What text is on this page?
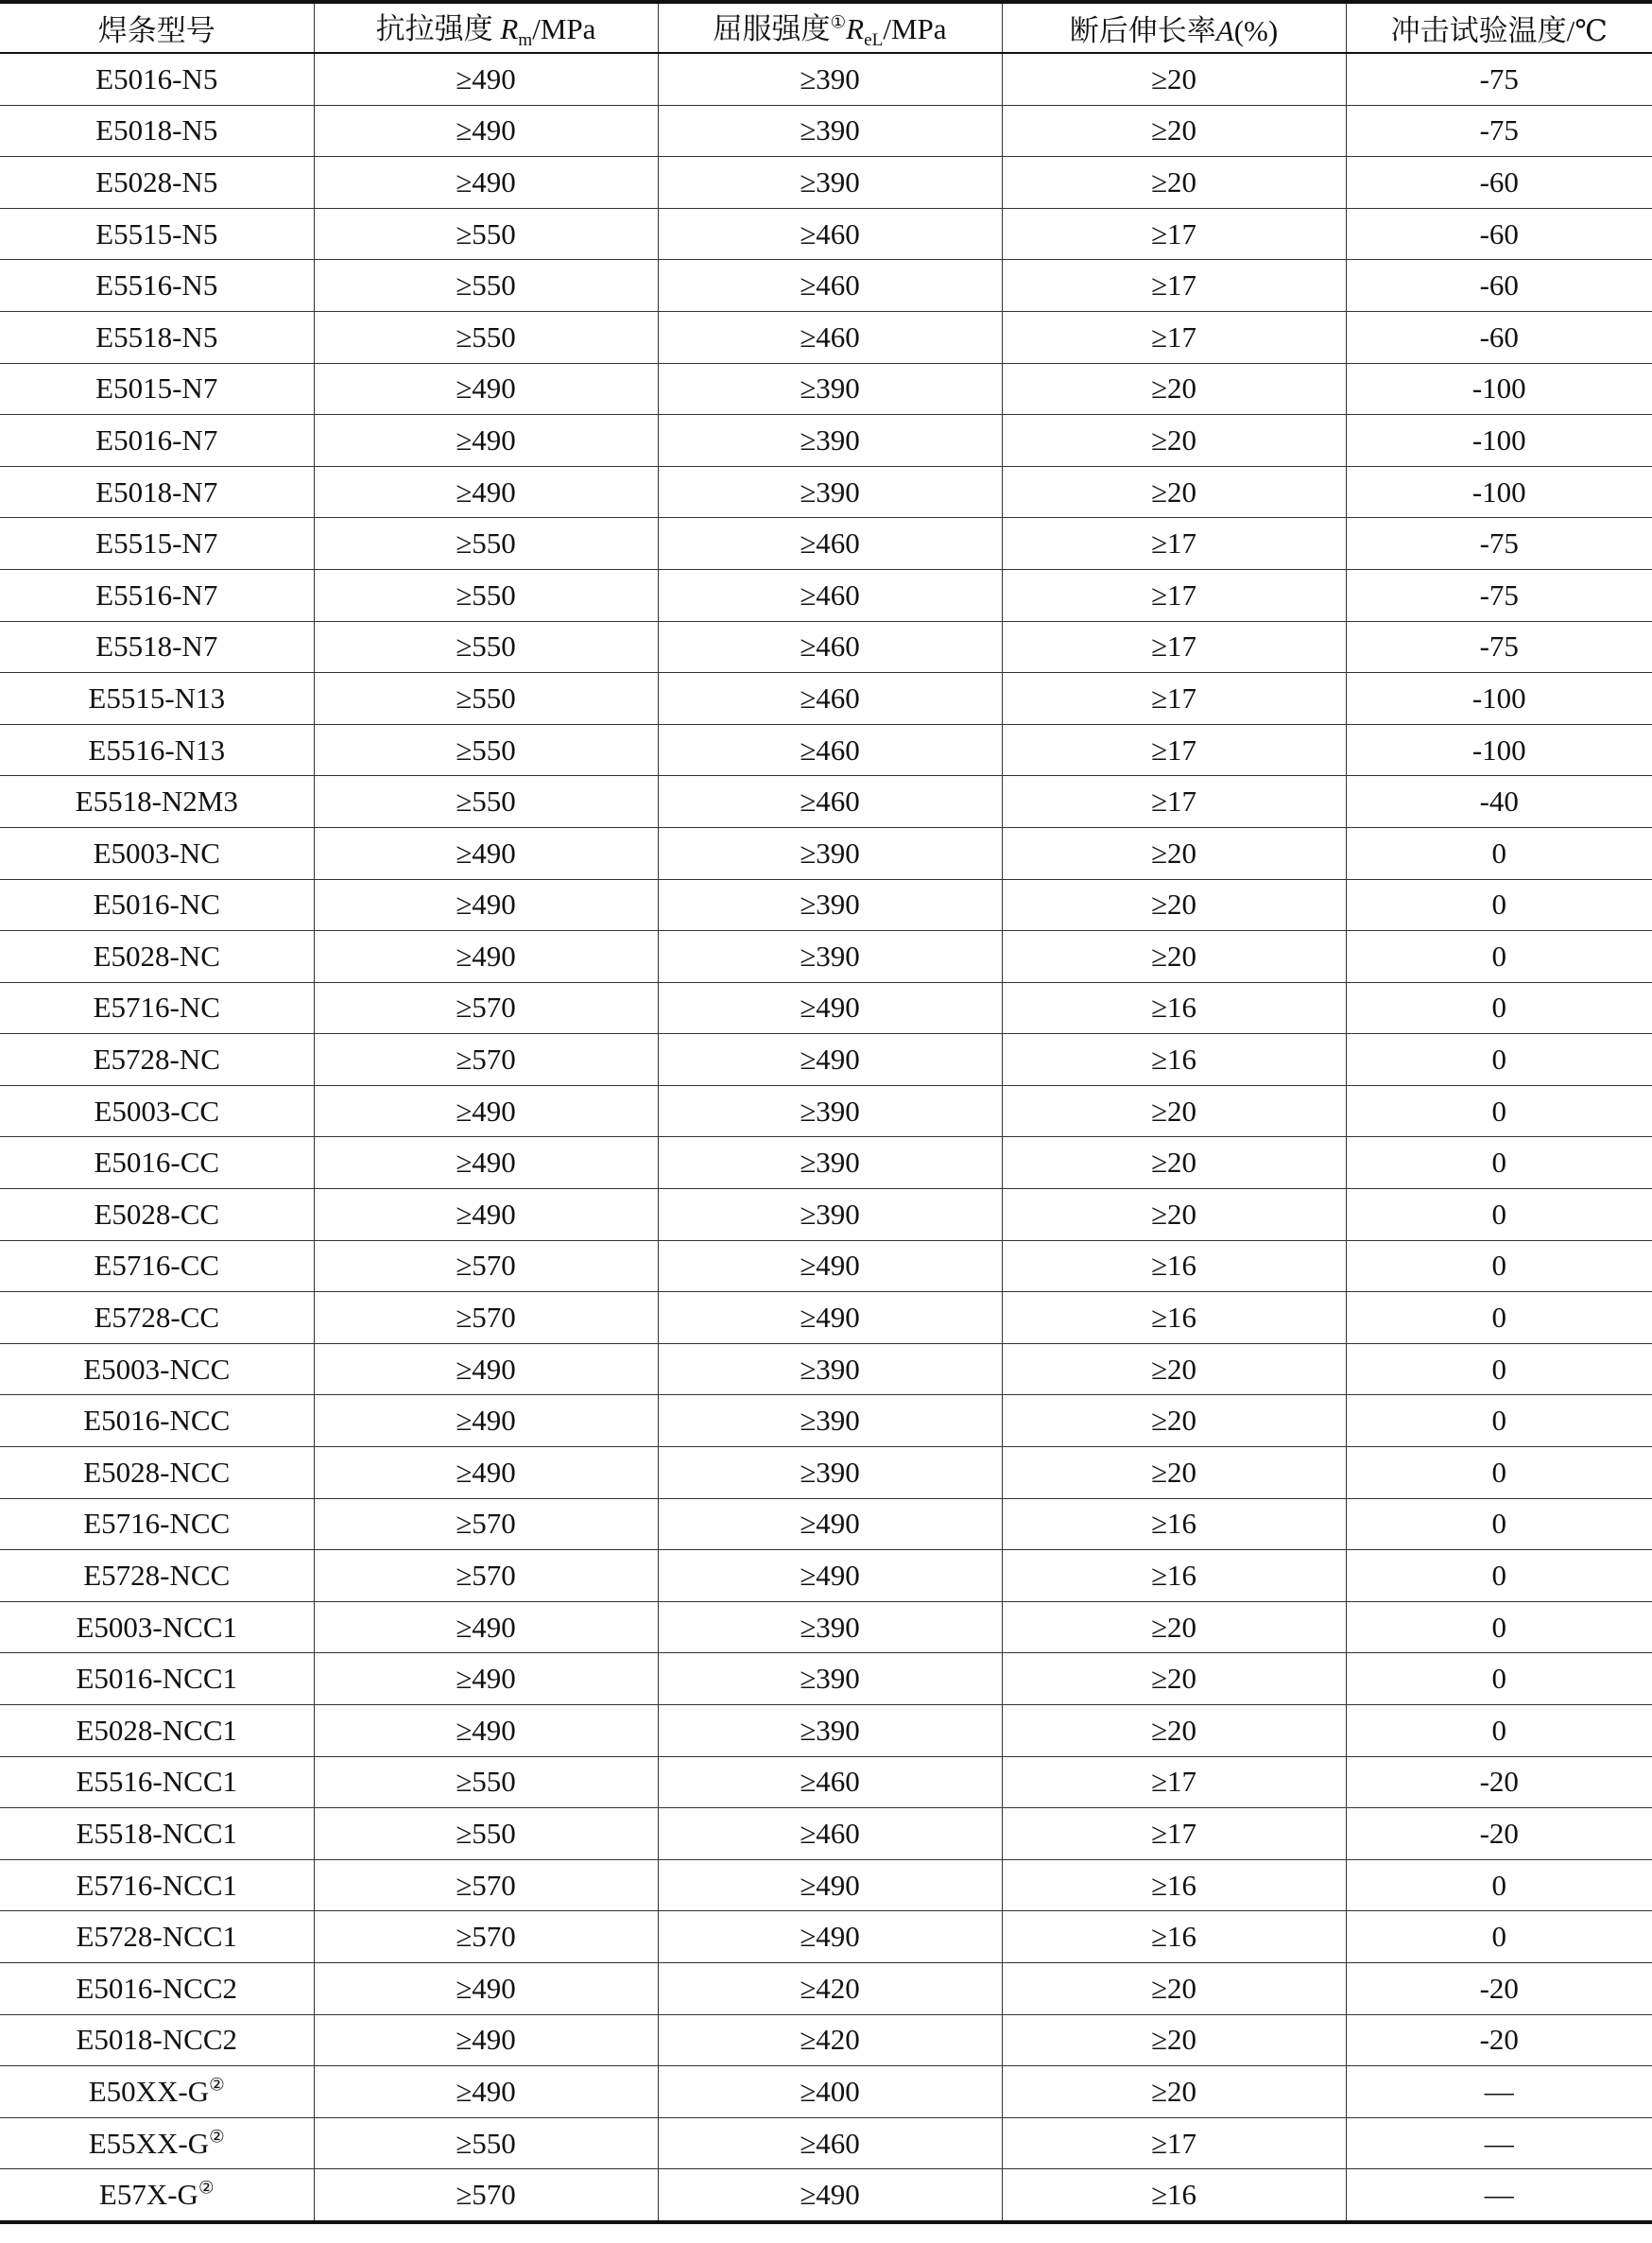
焊条型号	抗拉强度 $R_m$/MPa	屈服强度$^①R_{eL}$/MPa	断后伸长率A(%)	冲击试验温度/℃
E5016-N5	≥490	≥390	≥20	-75
E5018-N5	≥490	≥390	≥20	-75
E5028-N5	≥490	≥390	≥20	-60
E5515-N5	≥550	≥460	≥17	-60
E5516-N5	≥550	≥460	≥17	-60
E5518-N5	≥550	≥460	≥17	-60
E5015-N7	≥490	≥390	≥20	-100
E5016-N7	≥490	≥390	≥20	-100
E5018-N7	≥490	≥390	≥20	-100
E5515-N7	≥550	≥460	≥17	-75
E5516-N7	≥550	≥460	≥17	-75
E5518-N7	≥550	≥460	≥17	-75
E5515-N13	≥550	≥460	≥17	-100
E5516-N13	≥550	≥460	≥17	-100
E5518-N2M3	≥550	≥460	≥17	-40
E5003-NC	≥490	≥390	≥20	0
E5016-NC	≥490	≥390	≥20	0
E5028-NC	≥490	≥390	≥20	0
E5716-NC	≥570	≥490	≥16	0
E5728-NC	≥570	≥490	≥16	0
E5003-CC	≥490	≥390	≥20	0
E5016-CC	≥490	≥390	≥20	0
E5028-CC	≥490	≥390	≥20	0
E5716-CC	≥570	≥490	≥16	0
E5728-CC	≥570	≥490	≥16	0
E5003-NCC	≥490	≥390	≥20	0
E5016-NCC	≥490	≥390	≥20	0
E5028-NCC	≥490	≥390	≥20	0
E5716-NCC	≥570	≥490	≥16	0
E5728-NCC	≥570	≥490	≥16	0
E5003-NCC1	≥490	≥390	≥20	0
E5016-NCC1	≥490	≥390	≥20	0
E5028-NCC1	≥490	≥390	≥20	0
E5516-NCC1	≥550	≥460	≥17	-20
E5518-NCC1	≥550	≥460	≥17	-20
E5716-NCC1	≥570	≥490	≥16	0
E5728-NCC1	≥570	≥490	≥16	0
E5016-NCC2	≥490	≥420	≥20	-20
E5018-NCC2	≥490	≥420	≥20	-20
E50XX-G②	≥490	≥400	≥20	—
E55XX-G②	≥550	≥460	≥17	—
E57X-G②	≥570	≥490	≥16	—
